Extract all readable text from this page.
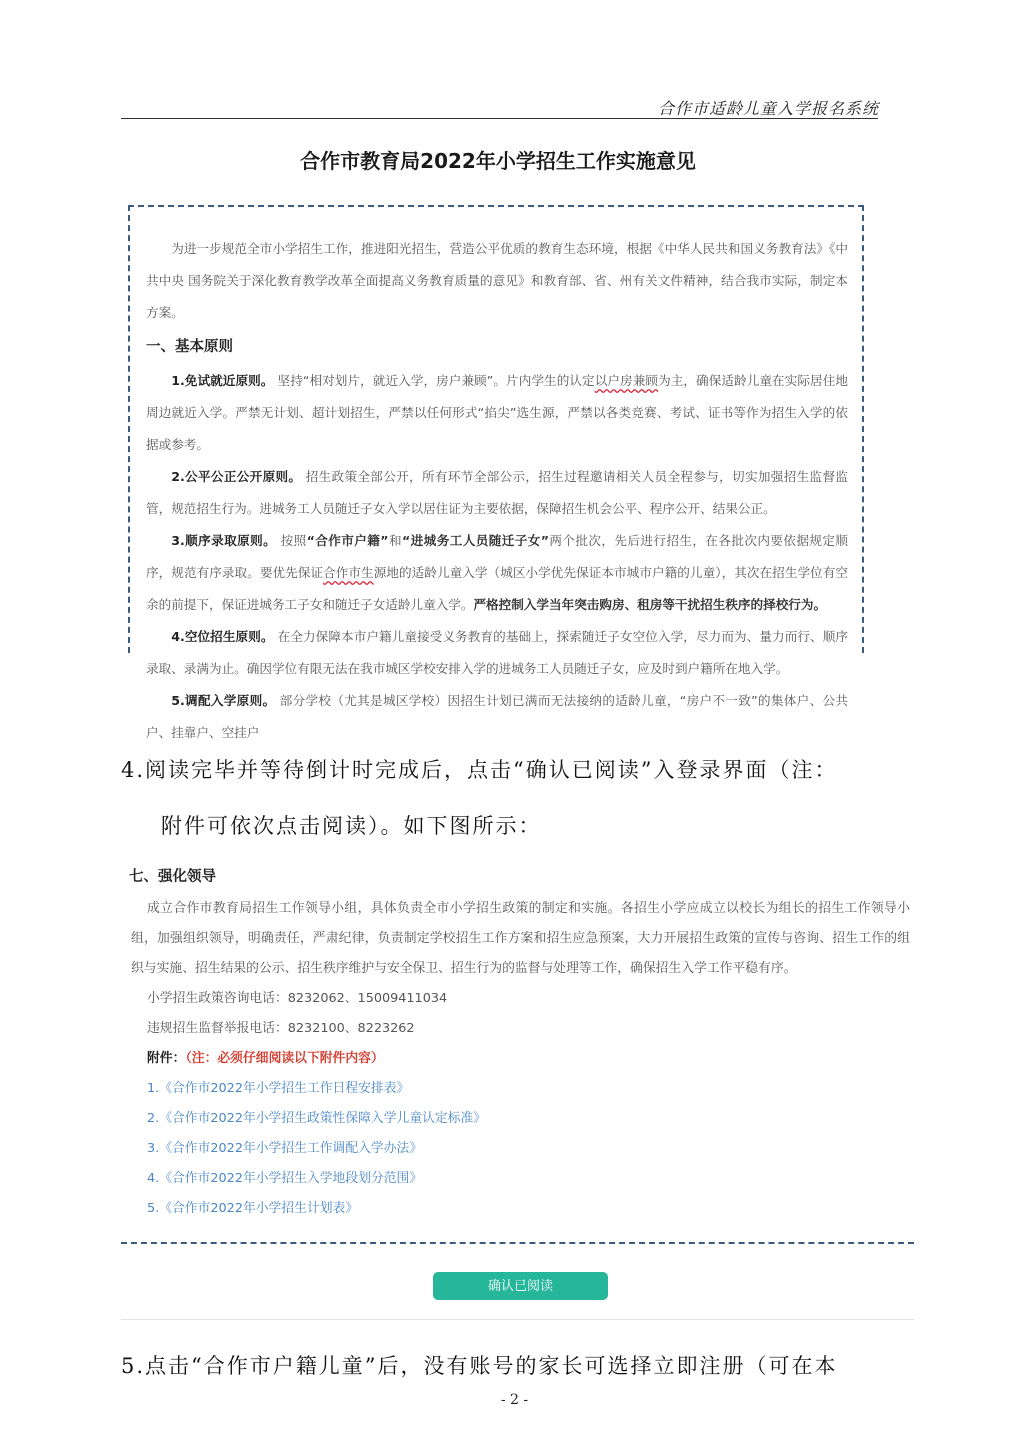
合作市适龄儿童入学报名系统
合作市教育局2022年小学招生工作实施意见

为进一步规范全市小学招生工作，推进阳光招生，营造公平优质的教育生态环境，根据《中华人民共和国义务教育法》《中共中央 国务院关于深化教育教学改革全面提高义务教育质量的意见》和教育部、省、州有关文件精神，结合我市实际，制定本方案。

一、基本原则

1.免试就近原则。 坚持“相对划片，就近入学，房户兼顾”。片内学生的认定以户房兼顾为主，确保适龄儿童在实际居住地周边就近入学。严禁无计划、超计划招生，严禁以任何形式“掐尖”选生源，严禁以各类竞赛、考试、证书等作为招生入学的依据或参考。

2.公平公正公开原则。 招生政策全部公开，所有环节全部公示，招生过程邀请相关人员全程参与，切实加强招生监督监管，规范招生行为。进城务工人员随迁子女入学以居住证为主要依据，保障招生机会公平、程序公开、结果公正。

3.顺序录取原则。 按照“合作市户籍”和“进城务工人员随迁子女”两个批次，先后进行招生，在各批次内要依据规定顺序，规范有序录取。要优先保证合作市生源地的适龄儿童入学（城区小学优先保证本市城市户籍的儿童），其次在招生学位有空余的前提下，保证进城务工子女和随迁子女适龄儿童入学。严格控制入学当年突击购房、租房等干扰招生秩序的择校行为。

4.空位招生原则。 在全力保障本市户籍儿童接受义务教育的基础上，探索随迁子女空位入学，尽力而为、量力而行、顺序录取、录满为止。确因学位有限无法在我市城区学校安排入学的进城务工人员随迁子女，应及时到户籍所在地入学。

5.调配入学原则。 部分学校（尤其是城区学校）因招生计划已满而无法接纳的适龄儿童，“房户不一致”的集体户、公共户、挂靠户、空挂户

4.阅读完毕并等待倒计时完成后，点击“确认已阅读”入登录界面（注：
附件可依次点击阅读）。如下图所示：
七、强化领导
成立合作市教育局招生工作领导小组，具体负责全市小学招生政策的制定和实施。各招生小学应成立以校长为组长的招生工作领导小组，加强组织领导，明确责任，严肃纪律，负责制定学校招生工作方案和招生应急预案，大力开展招生政策的宣传与咨询、招生工作的组织与实施、招生结果的公示、招生秩序维护与安全保卫、招生行为的监督与处理等工作，确保招生入学工作平稳有序。

小学招生政策咨询电话：8232062、15009411034

违规招生监督举报电话：8232100、8223262

附件：（注：必须仔细阅读以下附件内容）

1.《合作市2022年小学招生工作日程安排表》

2.《合作市2022年小学招生政策性保障入学儿童认定标准》

3.《合作市2022年小学招生工作调配入学办法》

4.《合作市2022年小学招生入学地段划分范围》

5.《合作市2022年小学招生计划表》

确认已阅读
5.点击“合作市户籍儿童”后，没有账号的家长可选择立即注册（可在本
- 2 -
